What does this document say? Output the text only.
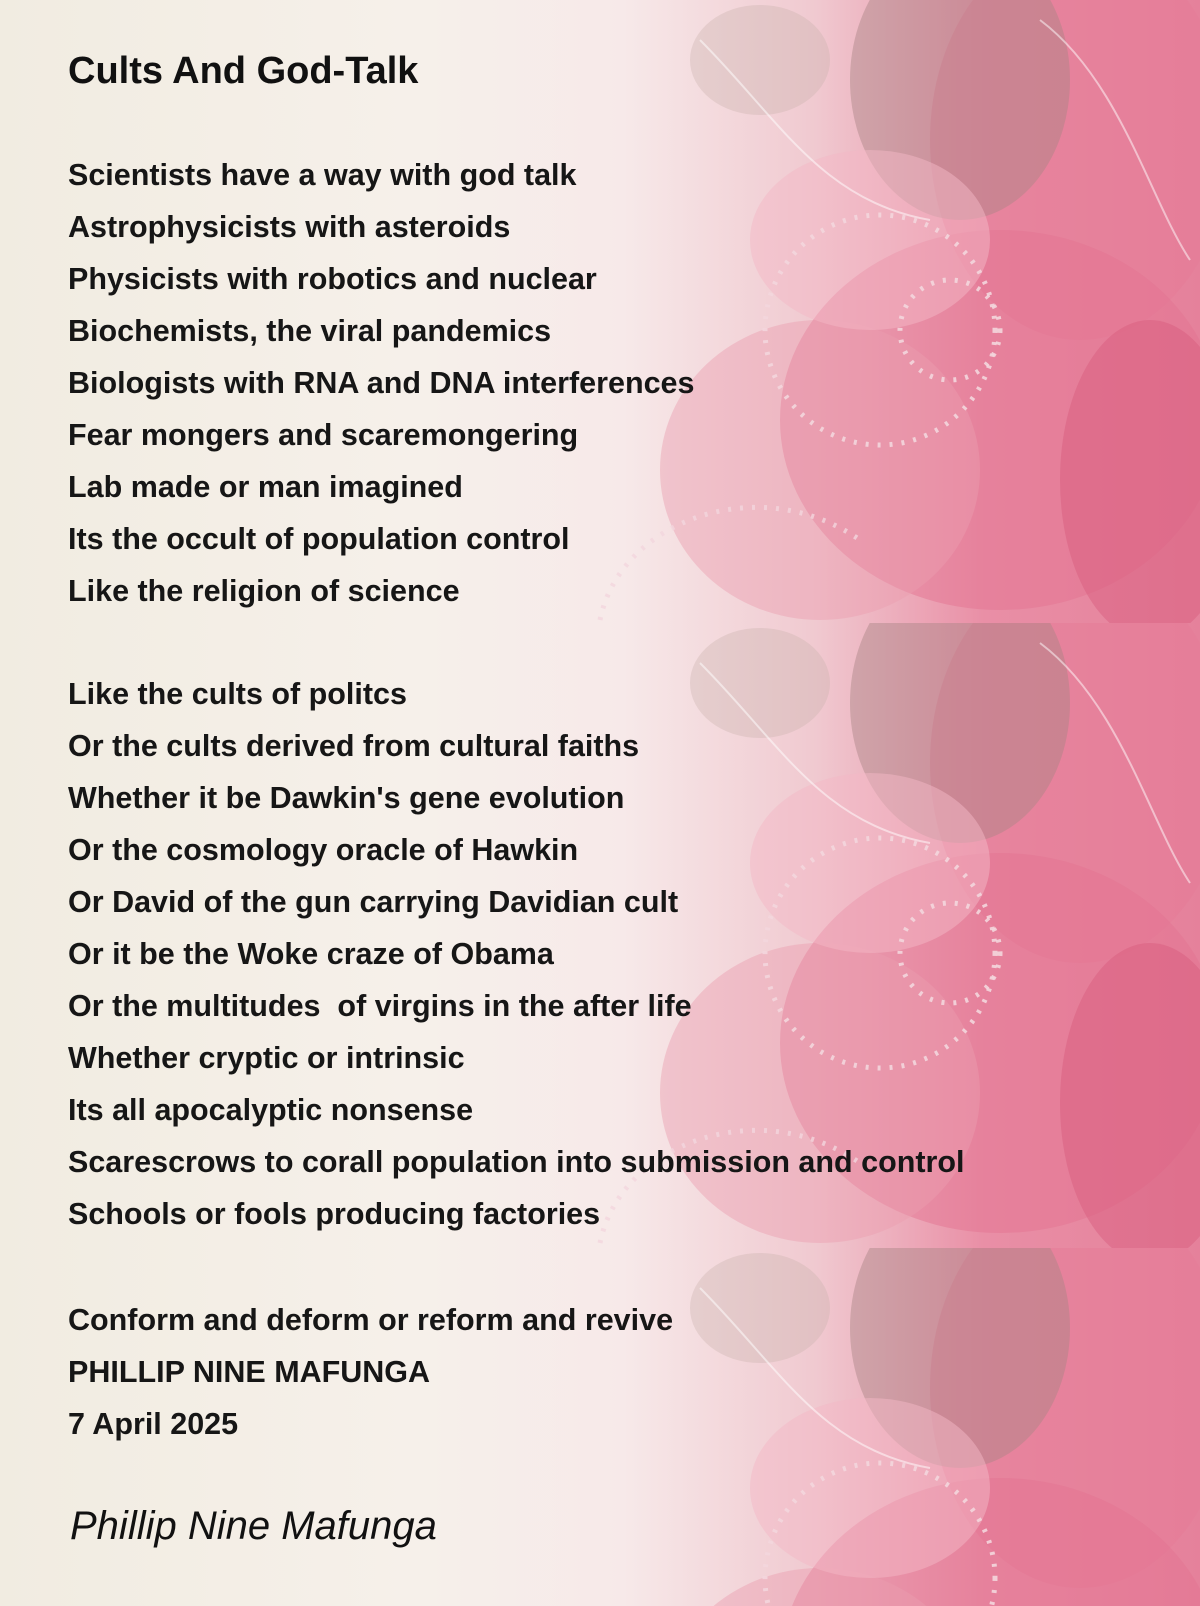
Cults And God-Talk
Scientists have a way with god talk
Astrophysicists with asteroids
Physicists with robotics and nuclear
Biochemists, the viral pandemics
Biologists with RNA and DNA interferences
Fear mongers and scaremongering
Lab made or man imagined
Its the occult of population control
Like the religion of science
Like the cults of politcs
Or the cults derived from cultural faiths
Whether it be Dawkin's gene evolution
Or the cosmology oracle of Hawkin
Or David of the gun carrying Davidian cult
Or it be the Woke craze of Obama
Or the multitudes  of virgins in the after life
Whether cryptic or intrinsic
Its all apocalyptic nonsense
Scarescrows to corall population into submission and control
Schools or fools producing factories
Conform and deform or reform and revive
PHILLIP NINE MAFUNGA
7 April 2025
Phillip Nine Mafunga
